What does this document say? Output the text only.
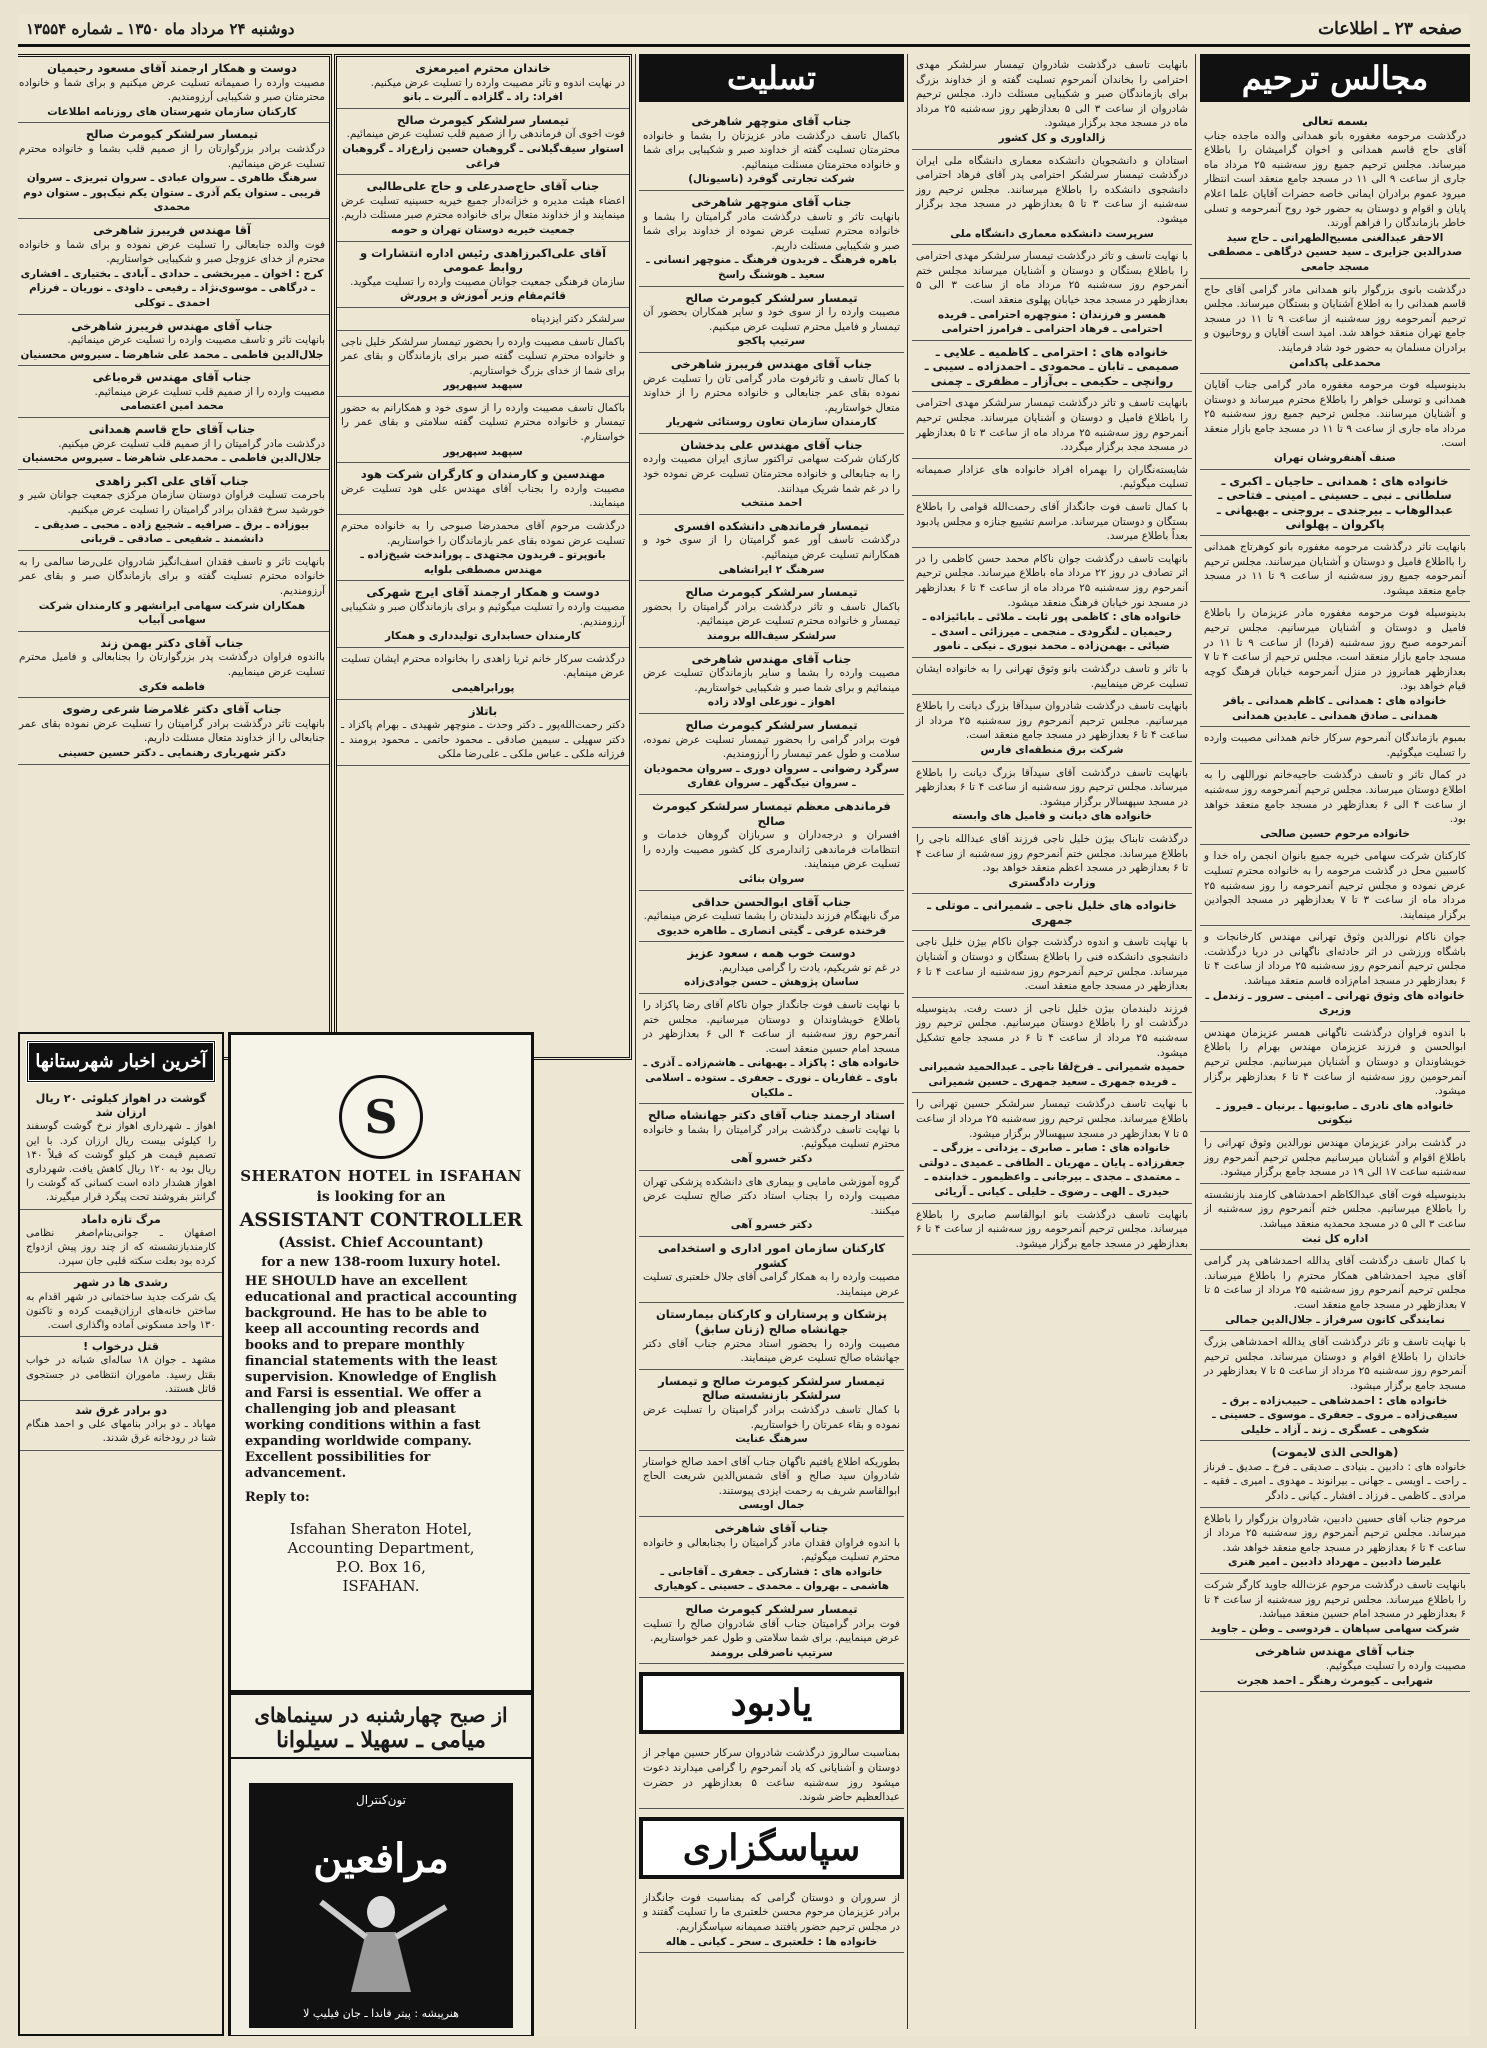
صفحه ۲۳ ـ اطلاعات
دوشنبه ۲۴ مرداد ماه ۱۳۵۰ ـ شماره ۱۳۵۵۴
مجالس ترحیم
بسمه تعالی
درگذشت مرحومه مغفوره بانو همدانی والده ماجده جناب آقای حاج قاسم همدانی و اخوان گرامیشان را باطلاع میرساند. مجلس ترحیم جمیع روز سه‌شنبه ۲۵ مرداد ماه جاری از ساعت ۹ الی ۱۱ در مسجد جامع منعقد است انتظار میرود عموم برادران ایمانی خاصه حضرات آقایان علما اعلام پایان و اقوام و دوستان به حضور خود روح آنمرحومه و تسلی خاطر بازماندگان را فراهم آورند.
الاحقر عبدالغنی مسیح‌الطهرانی ـ حاج سید صدرالدین جزایری ـ سید حسین درگاهی ـ مصطفی مسجد جامعی
درگذشت بانوی بزرگوار بانو همدانی مادر گرامی آقای حاج قاسم همدانی را به اطلاع آشنایان و بستگان میرساند. مجلس ترحیم آنمرحومه روز سه‌شنبه از ساعت ۹ تا ۱۱ در مسجد جامع تهران منعقد خواهد شد. امید است آقایان و روحانیون و برادران مسلمان به حضور خود شاد فرمایند.
محمدعلی پاکدامن
بدینوسیله فوت مرحومه مغفوره مادر گرامی جناب آقایان همدانی و توسلی خواهر را باطلاع محترم میرساند و دوستان و آشنایان میرسانند. مجلس ترحیم جمیع روز سه‌شنبه ۲۵ مرداد ماه جاری از ساعت ۹ تا ۱۱ در مسجد جامع بازار منعقد است.
صنف آهنفروشان تهران
خانواده های : همدانی ـ حاجیان ـ اکبری ـ سلطانی ـ نبی ـ حسینی ـ امینی ـ فتاحی ـ عبدالوهاب ـ بیرجندی ـ بروجنی ـ بهبهانی ـ پاکروان ـ پهلوانی
بانهایت تاثر درگذشت مرحومه مغفوره بانو کوهرتاج همدانی را بااطلاع فامیل و دوستان و آشنایان میرسانند. مجلس ترحیم آنمرحومه جمیع روز سه‌شنبه از ساعت ۹ تا ۱۱ در مسجد جامع منعقد میشود.
بدینوسیله فوت مرحومه مغفوره مادر عزیزمان را باطلاع فامیل و دوستان و آشنایان میرسانیم. مجلس ترحیم آنمرحومه صبح روز سه‌شنبه (فردا) از ساعت ۹ تا ۱۱ در مسجد جامع بازار منعقد است. مجلس ترحیم از ساعت ۴ تا ۷ بعدازظهر همانروز در منزل آنمرحومه خیابان فرهنگ کوچه قیام خواهد بود.
خانواده های : همدانی ـ کاظم همدانی ـ باقر همدانی ـ صادق همدانی ـ عابدین همدانی
بمبوم بازماندگان آنمرحوم سرکار خانم همدانی مصیبت وارده را تسلیت میگوئیم.
در کمال تاثر و تاسف درگذشت حاجیه‌خانم نوراللهی را به اطلاع دوستان میرساند. مجلس ترحیم آنمرحومه روز سه‌شنبه از ساعت ۴ الی ۶ بعدازظهر در مسجد جامع منعقد خواهد بود.
خانواده مرحوم حسین صالحی
کارکنان شرکت سهامی خیریه جمیع بانوان انجمن راه خدا و کاسبین محل در گذشت مرحومه را به خانواده محترم تسلیت عرض نموده و مجلس ترحیم آنمرحومه را روز سه‌شنبه ۲۵ مرداد ماه از ساعت ۳ تا ۷ بعدازظهر در مسجد الجوادین برگزار مینمایند.
جوان ناکام نورالدین وثوق تهرانی مهندس کارخانجات و باشگاه ورزشی در اثر حادثه‌ای ناگهانی در دریا درگذشت. مجلس ترحیم آنمرحوم روز سه‌شنبه ۲۵ مرداد از ساعت ۴ تا ۶ بعدازظهر در مسجد امام‌زاده قاسم منعقد میباشد.
خانواده های وثوق تهرانی ـ امینی ـ سرور ـ زندمل ـ وزیری
با اندوه فراوان درگذشت ناگهانی همسر عزیزمان مهندس ابوالحسن و فرزند عزیزمان مهندس بهرام را باطلاع خویشاوندان و دوستان و آشنایان میرسانیم. مجلس ترحیم آنمرحومین روز سه‌شنبه از ساعت ۴ تا ۶ بعدازظهر برگزار میشود.
خانواده های نادری ـ صابونیها ـ برنیان ـ فیروز ـ نیکونی
در گذشت برادر عزیزمان مهندس نورالدین وثوق تهرانی را باطلاع اقوام و آشنایان میرسانیم مجلس ترحیم آنمرحوم روز سه‌شنبه ساعت ۱۷ الی ۱۹ در مسجد جامع برگزار میشود.
بدینوسیله فوت آقای عبدالکاظم احمدشاهی کارمند بازنشسته را باطلاع میرسانیم. مجلس ختم آنمرحوم روز سه‌شنبه از ساعت ۳ الی ۵ در مسجد محمدیه منعقد میباشد.
اداره کل ثبت
با کمال تاسف درگذشت آقای یدالله احمدشاهی پدر گرامی آقای مجید احمدشاهی همکار محترم را باطلاع میرساند. مجلس ترحیم آنمرحوم روز سه‌شنبه ۲۵ مرداد از ساعت ۵ تا ۷ بعدازظهر در مسجد جامع منعقد است.
نمایندگی کانون سرفراز ـ جلال‌الدین جمالی
با نهایت تاسف و تاثر درگذشت آقای یدالله احمدشاهی بزرگ خاندان را باطلاع اقوام و دوستان میرساند. مجلس ترحیم آنمرحوم روز سه‌شنبه ۲۵ مرداد از ساعت ۵ تا ۷ بعدازظهر در مسجد جامع برگزار میشود.
خانواده های : احمدشاهی ـ حبیب‌زاده ـ برق ـ سیفی‌زاده ـ مروی ـ جعفری ـ موسوی ـ حسینی ـ شکوهی ـ عسگری ـ زند ـ آزاد ـ خلیلی
(هوالحی الذی لایموت)
خانواده های : دادبین ـ بنیادی ـ صدیقی ـ فرخ ـ صدیق ـ فرناز ـ راحت ـ اویسی ـ جهانی ـ بیرانوند ـ مهدوی ـ امیری ـ فقیه ـ مرادی ـ کاظمی ـ فرزاد ـ افشار ـ کیانی ـ دادگر
مرحوم جناب آقای حسین دادبین، شادروان بزرگوار را باطلاع میرساند. مجلس ترحیم آنمرحوم روز سه‌شنبه ۲۵ مرداد از ساعت ۴ تا ۶ بعدازظهر در مسجد جامع منعقد خواهد شد.
علیرضا دادبین ـ مهرداد دادبین ـ امیر هنری
بانهایت تاسف درگذشت مرحوم عزت‌الله جاوید کارگر شرکت را باطلاع میرساند. مجلس ترحیم روز سه‌شنبه از ساعت ۴ تا ۶ بعدازظهر در مسجد امام حسین منعقد میباشد.
شرکت سهامی سپاهان ـ فردوسی ـ وطن ـ جاوید
جناب آقای مهندس شاهرخی
مصیبت وارده را تسلیت میگوئیم.
شهرابی ـ کیومرث رهنگر ـ احمد هجرت
بانهایت تاسف درگذشت شادروان تیمسار سرلشکر مهدی احترامی را بخاندان آنمرحوم تسلیت گفته و از خداوند بزرگ برای بازماندگان صبر و شکیبایی مسئلت دارد. مجلس ترحیم شادروان از ساعت ۳ الی ۵ بعدازظهر روز سه‌شنبه ۲۵ مرداد ماه در مسجد مجد برگزار میشود.
زالداوری و کل کشور
استادان و دانشجویان دانشکده معماری دانشگاه ملی ایران درگذشت تیمسار سرلشکر احترامی پدر آقای فرهاد احترامی دانشجوی دانشکده را باطلاع میرسانند. مجلس ترحیم روز سه‌شنبه از ساعت ۳ تا ۵ بعدازظهر در مسجد مجد برگزار میشود.
سرپرست دانشکده معماری دانشگاه ملی
با نهایت تاسف و تاثر درگذشت تیمسار سرلشکر مهدی احترامی را باطلاع بستگان و دوستان و آشنایان میرساند مجلس ختم آنمرحوم روز سه‌شنبه ۲۵ مرداد ماه از ساعت ۳ الی ۵ بعدازظهر در مسجد مجد خیابان پهلوی منعقد است.
همسر و فرزندان : منوچهره احترامی ـ فریده احترامی ـ فرهاد احترامی ـ فرامرز احترامی
خانواده های : احترامی ـ کاظمیه ـ علایی ـ صمیمی ـ تابان ـ محمودی ـ احمدزاده ـ سیبی ـ روانچی ـ حکیمی ـ بی‌آزار ـ مظفری ـ چمنی
بانهایت تاسف و تاثر درگذشت تیمسار سرلشکر مهدی احترامی را باطلاع فامیل و دوستان و آشنایان میرساند. مجلس ترحیم آنمرحوم روز سه‌شنبه ۲۵ مرداد ماه از ساعت ۳ تا ۵ بعدازظهر در مسجد مجد برگزار میگردد.
شایسته‌نگاران را بهمراه افراد خانواده های عزادار صمیمانه تسلیت میگوئیم.
با کمال تاسف فوت جانگداز آقای رحمت‌الله قوامی را باطلاع بستگان و دوستان میرساند. مراسم تشییع جنازه و مجلس یادبود بعداً باطلاع میرسد.
بانهایت تاسف درگذشت جوان ناکام محمد حسن کاظمی را در اثر تصادف در روز ۲۲ مرداد ماه باطلاع میرساند. مجلس ترحیم آنمرحوم روز سه‌شنبه ۲۵ مرداد ماه از ساعت ۴ تا ۶ بعدازظهر در مسجد نور خیابان فرهنگ منعقد میشود.
خانواده های : کاظمی پور ثابت ـ ملائی ـ بابائیزاده ـ رحیمیان ـ لنگرودی ـ منجمی ـ میرزائی ـ اسدی ـ ضیائی ـ بهمن‌زاده ـ محمد نیوری ـ نیکی ـ نامور
با تاثر و تاسف درگذشت بانو وثوق تهرانی را به خانواده ایشان تسلیت عرض مینماییم.
بانهایت تاسف درگذشت شادروان سیدآقا بزرگ دیانت را باطلاع میرسانیم. مجلس ترحیم آنمرحوم روز سه‌شنبه ۲۵ مرداد از ساعت ۴ تا ۶ بعدازظهر در مسجد جامع منعقد است.
شرکت برق منطقه‌ای فارس
بانهایت تاسف درگذشت آقای سیدآقا بزرگ دیانت را باطلاع میرساند. مجلس ترحیم روز سه‌شنبه از ساعت ۴ تا ۶ بعدازظهر در مسجد سپهسالار برگزار میشود.
خانواده های دیانت و فامیل های وابسته
درگذشت تابناک بیژن خلیل ناجی فرزند آقای عبدالله ناجی را باطلاع میرساند. مجلس ختم آنمرحوم روز سه‌شنبه از ساعت ۴ تا ۶ بعدازظهر در مسجد اعظم منعقد خواهد بود.
وزارت دادگستری
خانواده های خلیل ناجی ـ شمیرانی ـ موتلی ـ جمهری
با نهایت تاسف و اندوه درگذشت جوان ناکام بیژن خلیل ناجی دانشجوی دانشکده فنی را باطلاع بستگان و دوستان و آشنایان میرساند. مجلس ترحیم آنمرحوم روز سه‌شنبه از ساعت ۴ تا ۶ بعدازظهر در مسجد جامع منعقد است.
فرزند دلبندمان بیژن خلیل ناجی از دست رفت. بدینوسیله درگذشت او را باطلاع دوستان میرسانیم. مجلس ترحیم روز سه‌شنبه ۲۵ مرداد از ساعت ۴ تا ۶ در مسجد جامع تشکیل میشود.
حمیده شمیرانی ـ فرخ‌لقا ناجی ـ عبدالحمید شمیرانی ـ فریده جمهری ـ سعید جمهری ـ حسین شمیرانی
با نهایت تاسف درگذشت تیمسار سرلشکر حسین تهرانی را باطلاع میرساند. مجلس ترحیم روز سه‌شنبه ۲۵ مرداد از ساعت ۵ تا ۷ بعدازظهر در مسجد سپهسالار برگزار میشود.
خانواده های : صابر ـ صابری ـ یزدانی ـ بزرگی ـ جعفرزاده ـ پایان ـ مهریان ـ الطافی ـ عمیدی ـ دولتی ـ معتمدی ـ مجدی ـ بیرجانی ـ واعظیمور ـ خدابنده ـ حیدری ـ الهی ـ رضوی ـ خلیلی ـ کیانی ـ آریائی
بانهایت تاسف درگذشت بانو ابوالقاسم صابری را باطلاع میرساند. مجلس ترحیم آنمرحومه روز سه‌شنبه از ساعت ۴ تا ۶ بعدازظهر در مسجد جامع برگزار میشود.
تسلیت
جناب آقای منوچهر شاهرخی
باکمال تاسف درگذشت مادر عزیزتان را بشما و خانواده محترمتان تسلیت گفته از خداوند صبر و شکیبایی برای شما و خانواده محترمتان مسئلت مینمائیم.
شرکت تجارتی گوفرد (ناسیونال)
جناب آقای منوچهر شاهرخی
بانهایت تاثر و تاسف درگذشت مادر گرامیتان را بشما و خانواده محترم تسلیت عرض نموده از خداوند برای شما صبر و شکیبایی مسئلت داریم.
باهره فرهنگ ـ فریدون فرهنگ ـ منوچهر انسانی ـ سعید ـ هوشنگ راسخ
تیمسار سرلشکر کیومرث صالح
مصیبت وارده را از سوی خود و سایر همکاران بحضور آن تیمسار و فامیل محترم تسلیت عرض میکنیم.
سرتیپ پاکجو
جناب آقای مهندس فریبرز شاهرخی
با کمال تاسف و تاثرفوت مادر گرامی تان را تسلیت عرض نموده بقای عمر جنابعالی و خانواده محترم را از خداوند متعال خواستاریم.
کارمندان سازمان تعاون روستائی شهریار
جناب آقای مهندس علی بدخشان
کارکنان شرکت سهامی تراکتور سازی ایران مصیبت وارده را به جنابعالی و خانواده محترمتان تسلیت عرض نموده خود را در غم شما شریک میدانند.
احمد منتخب
تیمسار فرماندهی دانشکده افسری
درگذشت تاسف آور عمو گرامیتان را از سوی خود و همکارانم تسلیت عرض مینمائیم.
سرهنگ ۲ ایرانشاهی
تیمسار سرلشکر کیومرث صالح
باکمال تاسف و تاثر درگذشت برادر گرامیتان را بحضور تیمسار و خانواده محترم تسلیت عرض مینمائیم.
سرلشکر سیف‌الله برومند
جناب آقای مهندس شاهرخی
مصیبت وارده را بشما و سایر بازماندگان تسلیت عرض مینمائیم و برای شما صبر و شکیبایی خواستاریم.
اهواز ـ نورعلی اولاد زاده
تیمسار سرلشکر کیومرث صالح
فوت برادر گرامی را بحضور تیمسار تسلیت عرض نموده، سلامت و طول عمر تیمسار را آرزومندیم.
سرگرد رضوانی ـ سروان دوری ـ سروان محمودیان ـ سروان نیک‌گهر ـ سروان غفاری
فرماندهی معظم تیمسار سرلشکر کیومرث صالح
افسران و درجه‌داران و سربازان گروهان خدمات و انتظامات فرماندهی ژاندارمری کل کشور مصیبت وارده را تسلیت عرض مینمایند.
سروان بنائی
جناب آقای ابوالحسن حداقی
مرگ نابهنگام فرزند دلبندتان را بشما تسلیت عرض مینمائیم.
فرخنده عرفی ـ گیتی انصاری ـ طاهره خدیوی
دوست خوب همه ، سعود عزیز
در غم تو شریکیم، یادت را گرامی میداریم.
ساسان پژوهش ـ حسن جوادی‌زاده
با نهایت تاسف فوت جانگداز جوان ناکام آقای رضا پاکزاد را باطلاع خویشاوندان و دوستان میرسانیم. مجلس ختم آنمرحوم روز سه‌شنبه از ساعت ۴ الی ۶ بعدازظهر در مسجد امام حسین منعقد است.
خانواده های : پاکزاد ـ بهبهانی ـ هاشم‌زاده ـ آذری ـ باوی ـ غفاریان ـ نوری ـ جعفری ـ ستوده ـ اسلامی ـ ملکیان
استاد ارجمند جناب آقای دکتر جهانشاه صالح
با نهایت تاسف درگذشت برادر گرامیتان را بشما و خانواده محترم تسلیت میگوئیم.
دکتر خسرو آهی
گروه آموزشی مامایی و بیماری های دانشکده پزشکی تهران مصیبت وارده را بجناب استاد دکتر صالح تسلیت عرض میکنند.
دکتر خسرو آهی
کارکنان سازمان امور اداری و استخدامی کشور
مصیبت وارده را به همکار گرامی آقای جلال خلعتبری تسلیت عرض مینمایند.
پزشکان و پرستاران و کارکنان بیمارستان جهانشاه صالح (زنان سابق)
مصیبت وارده را بحضور استاد محترم جناب آقای دکتر جهانشاه صالح تسلیت عرض مینمایند.
تیمسار سرلشکر کیومرث صالح و تیمسار سرلشکر بازنشسته صالح
با کمال تاسف درگذشت برادر گرامیتان را تسلیت عرض نموده و بقاء عمرتان را خواستاریم.
سرهنگ عنایت
بطوریکه اطلاع یافتیم ناگهان جناب آقای احمد صالح خواستار شادروان سید صالح و آقای شمس‌الدین شریعت الحاج ابوالقاسم شریف به رحمت ایزدی پیوستند.
جمال اویسی
جناب آقای شاهرخی
با اندوه فراوان فقدان مادر گرامیتان را بجنابعالی و خانواده محترم تسلیت میگوئیم.
خانواده های : فشارکی ـ جعفری ـ آقاجانی ـ هاشمی ـ بهروان ـ محمدی ـ حسینی ـ کوهیاری
تیمسار سرلشکر کیومرث صالح
فوت برادر گرامیتان جناب آقای شادروان صالح را تسلیت عرض مینماییم. برای شما سلامتی و طول عمر خواستاریم.
سرتیپ ناصرقلی برومند
یادبود
بمناسبت سالروز درگذشت شادروان سرکار حسین مهاجر از دوستان و آشنایانی که یاد آنمرحوم را گرامی میدارند دعوت میشود روز سه‌شنبه ساعت ۵ بعدازظهر در حضرت عبدالعظیم حاضر شوند.
سپاسگزاری
از سروران و دوستان گرامی که بمناسبت فوت جانگداز برادر عزیزمان مرحوم محسن خلعتبری ما را تسلیت گفتند و در مجلس ترحیم حضور یافتند صمیمانه سپاسگزاریم.
خانواده ها : خلعتبری ـ سحر ـ کیانی ـ هاله
خاندان محترم امیرمعزی
در نهایت اندوه و تاثر مصیبت وارده را تسلیت عرض میکنیم.
افراد: راد ـ گلزاده ـ آلبرت ـ بانو
تیمسار سرلشکر کیومرث صالح
فوت اخوی آن فرماندهی را از صمیم قلب تسلیت عرض مینمائیم.
استوار سیف‌گیلانی ـ گروهبان حسین زارع‌راد ـ گروهبان فراغی
جناب آقای حاج‌صدرعلی و حاج علی‌طالبی
اعضاء هیئت مدیره و خزانه‌دار جمیع خیریه حسینیه تسلیت عرض مینمایند و از خداوند متعال برای خانواده محترم صبر مسئلت داریم.
جمعیت خیریه دوستان تهران و حومه
آقای علی‌اکبرزاهدی رئیس اداره انتشارات و روابط عمومی
سازمان فرهنگی جمعیت جوانان مصیبت وارده را تسلیت میگوید.
قائم‌مقام وزیر آموزش و پرورش
سرلشکر دکتر ایزدپناه
باکمال تاسف مصیبت وارده را بحضور تیمسار سرلشکر خلیل ناجی و خانواده محترم تسلیت گفته صبر برای بازماندگان و بقای عمر برای شما از خدای بزرگ خواستاریم.
سپهبد سپهرپور
باکمال تاسف مصیبت وارده را از سوی خود و همکارانم به حضور تیمسار و خانواده محترم تسلیت گفته سلامتی و بقای عمر را خواستارم.
سپهبد سپهرپور
مهندسین و کارمندان و کارگران شرکت هود
مصیبت وارده را بجناب آقای مهندس علی هود تسلیت عرض مینمایند.
درگذشت مرحوم آقای محمدرضا صبوحی را به خانواده محترم تسلیت عرض نموده بقای عمر بازماندگان را خواستاریم.
بانوپرتو ـ فریدون مجتهدی ـ پوراندخت شیخ‌زاده ـ مهندس مصطفی بلوایه
دوست و همکار ارجمند آقای ایرج شهرکی
مصیبت وارده را تسلیت میگوئیم و برای بازماندگان صبر و شکیبایی آرزومندیم.
کارمندان حسابداری تولیدداری و همکار
درگذشت سرکار خانم ثریا زاهدی را بخانواده محترم ایشان تسلیت عرض مینمایم.
پورابراهیمی
باتلاز
دکتر رحمت‌الله‌پور ـ دکتر وحدت ـ منوچهر شهیدی ـ بهرام پاکزاد ـ دکتر سهیلی ـ سیمین صادقی ـ محمود حاتمی ـ محمود برومند ـ فرزانه ملکی ـ عباس ملکی ـ علی‌رضا ملکی
دوست و همکار ارجمند آقای مسعود رحیمیان
مصیبت وارده را صمیمانه تسلیت عرض میکنیم و برای شما و خانواده محترمتان صبر و شکیبایی آرزومندیم.
کارکنان سازمان شهرستان های روزنامه اطلاعات
تیمسار سرلشکر کیومرث صالح
درگذشت برادر بزرگوارتان را از صمیم قلب بشما و خانواده محترم تسلیت عرض مینمائیم.
سرهنگ طاهری ـ سروان عبادی ـ سروان تبریزی ـ سروان قریبی ـ ستوان یکم آذری ـ ستوان یکم نیک‌پور ـ ستوان دوم محمدی
آقا مهندس فریبرز شاهرخی
فوت والده جنابعالی را تسلیت عرض نموده و برای شما و خانواده محترم از خدای عزوجل صبر و شکیبایی خواستاریم.
کرج : اخوان ـ میربخشی ـ حدادی ـ آبادی ـ بختیاری ـ افشاری ـ درگاهی ـ موسوی‌نژاد ـ رفیعی ـ داودی ـ نوریان ـ فرزام احمدی ـ توکلی
جناب آقای مهندس فریبرز شاهرخی
بانهایت تاثر و تاسف مصیبت وارده را تسلیت عرض مینمائیم.
جلال‌الدین فاطمی ـ محمد علی شاهرضا ـ سیروس محسنیان
جناب آقای مهندس قره‌باغی
مصیبت وارده را از صمیم قلب تسلیت عرض مینمائیم.
محمد امین اعتصامی
جناب آقای حاج قاسم همدانی
درگذشت مادر گرامیتان را از صمیم قلب تسلیت عرض میکنیم.
جلال‌الدین فاطمی ـ محمدعلی شاهرضا ـ سیروس محسنیان
جناب آقای علی اکبر زاهدی
باحرمت تسلیت فراوان دوستان سازمان مرکزی جمعیت جوانان شیر و خورشید سرخ فقدان برادر گرامیتان را تسلیت عرض میکنیم.
بیوزاده ـ برق ـ صرافیه ـ شجیع زاده ـ محبی ـ صدیقی ـ دانشمند ـ شفیعی ـ صادقی ـ قربانی
بانهایت تاثر و تاسف فقدان اسف‌انگیز شادروان علی‌رضا سالمی را به خانواده محترم تسلیت گفته و برای بازماندگان صبر و بقای عمر آرزومندیم.
همکاران شرکت سهامی ایرانشهر و کارمندان شرکت سهامی آبیاب
جناب آقای دکتر بهمن زند
بااندوه فراوان درگذشت پدر بزرگوارتان را بجنابعالی و فامیل محترم تسلیت عرض مینماییم.
فاطمه فکری
جناب آقای دکتر غلامرضا شرعی رضوی
بانهایت تاثر درگذشت برادر گرامیتان را تسلیت عرض نموده بقای عمر جنابعالی را از خداوند متعال مسئلت داریم.
دکتر شهریاری رهنمایی ـ دکتر حسین حسینی
آخرین اخبار شهرستانها
گوشت در اهواز کیلوئی ۲۰ ریال ارزان شد
اهواز ـ شهرداری اهواز نرخ گوشت گوسفند را کیلوئی بیست ریال ارزان کرد. با این تصمیم قیمت هر کیلو گوشت که قبلاً ۱۴۰ ریال بود به ۱۲۰ ریال کاهش یافت. شهرداری اهواز هشدار داده است کسانی که گوشت را گرانتر بفروشند تحت پیگرد قرار میگیرند.
مرگ تازه داماد
اصفهان ـ جوانی‌بنام‌اصغر نظامی کارمندبازنشسته که از چند روز پیش ازدواج کرده بود بعلت سکته قلبی جان سپرد.
رشدی ها در شهر
یک شرکت جدید ساختمانی در شهر اقدام به ساختن خانه‌های ارزان‌قیمت کرده و تاکنون ۱۳۰ واحد مسکونی آماده واگذاری است.
قتل درخواب !
مشهد ـ جوان ۱۸ ساله‌ای شبانه در خواب بقتل رسید. ماموران انتظامی در جستجوی قاتل هستند.
دو برادر غرق شد
مهاباد ـ دو برادر بنامهای علی و احمد هنگام شنا در رودخانه غرق شدند.
S
SHERATON HOTEL in ISFAHAN
is looking for an
ASSISTANT CONTROLLER
(Assist. Chief Accountant)
for a new 138-room luxury hotel.

HE SHOULD have an excellent educational and practical accounting background. He has to be able to keep all accounting records and books and to prepare monthly financial statements with the least supervision. Knowledge of English and Farsi is essential. We offer a challenging job and pleasant working conditions within a fast expanding worldwide company. Excellent possibilities for advancement.

Reply to:

Isfahan Sheraton Hotel,
Accounting Department,
P.O. Box 16,
ISFAHAN.
از صبح چهارشنبه در سینماهای
میامی ـ سهیلا ـ سیلوانا
تون‌کنترال
مرافعین
هنرپیشه : پیتر فاندا ـ جان فیلیپ لا
